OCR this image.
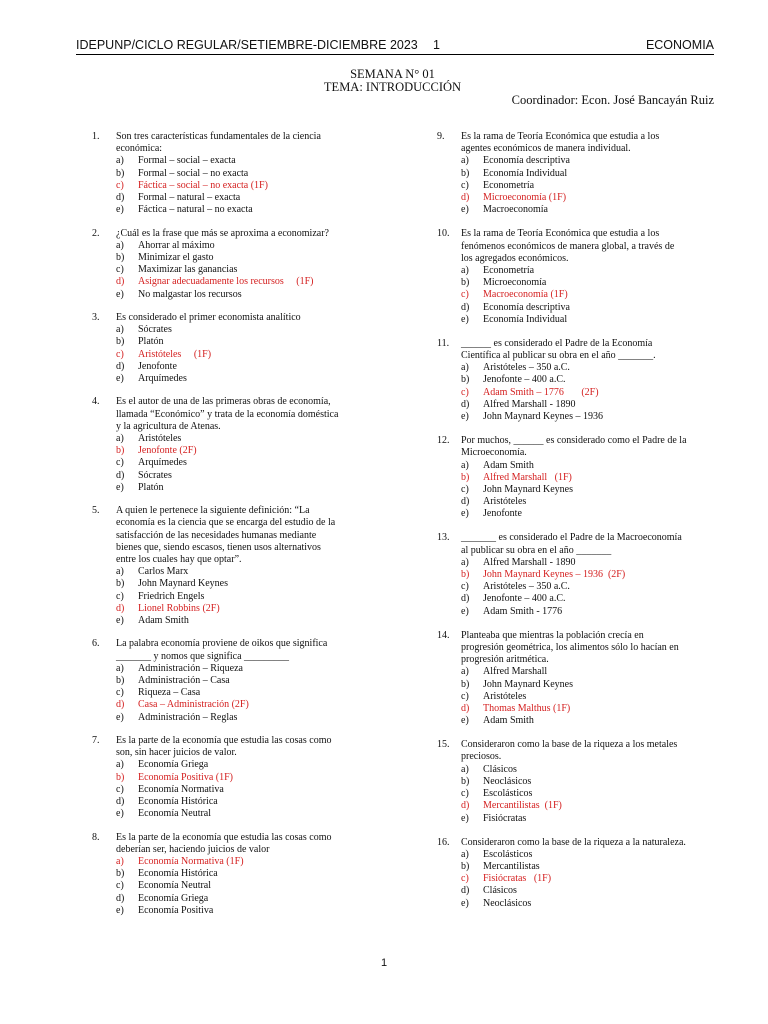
IDEPUNP/CICLO REGULAR/SETIEMBRE-DICIEMBRE 2023 1	ECONOMIA
SEMANA N° 01
TEMA: INTRODUCCIÓN
Coordinador: Econ. José Bancayán Ruiz
1. Son tres características fundamentales de la ciencia
económica:
a) Formal – social – exacta
b) Formal – social – no exacta
c) Fáctica – social – no exacta (1F)
d) Formal – natural – exacta
e) Fáctica – natural – no exacta
2. ¿Cuál es la frase que más se aproxima a economizar?
a) Ahorrar al máximo
b) Minimizar el gasto
c) Maximizar las ganancias
d) Asignar adecuadamente los recursos     (1F)
e) No malgastar los recursos
3. Es considerado el primer economista analítico
a) Sócrates
b) Platón
c) Aristóteles     (1F)
d) Jenofonte
e) Arquímedes
4. Es el autor de una de las primeras obras de economía,
llamada “Económico” y trata de la economía doméstica
y la agricultura de Atenas.
a) Aristóteles
b) Jenofonte (2F)
c) Arquímedes
d) Sócrates
e) Platón
5. A quien le pertenece la siguiente definición: “La
economía es la ciencia que se encarga del estudio de la
satisfacción de las necesidades humanas mediante
bienes que, siendo escasos, tienen usos alternativos
entre los cuales hay que optar”.
a) Carlos Marx
b) John Maynard Keynes
c) Friedrich Engels
d) Lionel Robbins (2F)
e) Adam Smith
6. La palabra economía proviene de oikos que significa
_______ y nomos que significa _________
a) Administración – Riqueza
b) Administración – Casa
c) Riqueza – Casa
d) Casa – Administración (2F)
e) Administración – Reglas
7. Es la parte de la economía que estudia las cosas como
son, sin hacer juicios de valor.
a) Economía Griega
b) Economía Positiva (1F)
c) Economía Normativa
d) Economía Histórica
e) Economía Neutral
8. Es la parte de la economía que estudia las cosas como
deberían ser, haciendo juicios de valor
a) Economía Normativa (1F)
b) Economía Histórica
c) Economía Neutral
d) Economía Griega
e) Economía Positiva
9. Es la rama de Teoría Económica que estudia a los
agentes económicos de manera individual.
a) Economía descriptiva
b) Economía Individual
c) Econometría
d) Microeconomía (1F)
e) Macroeconomía
10. Es la rama de Teoría Económica que estudia a los
fenómenos económicos de manera global, a través de
los agregados económicos.
a) Econometría
b) Microeconomía
c) Macroeconomía (1F)
d) Economía descriptiva
e) Economía Individual
11. ______ es considerado el Padre de la Economía
Científica al publicar su obra en el año _______.
a) Aristóteles – 350 a.C.
b) Jenofonte – 400 a.C.
c) Adam Smith – 1776       (2F)
d) Alfred Marshall - 1890
e) John Maynard Keynes – 1936
12. Por muchos, ______ es considerado como el Padre de la
Microeconomía.
a) Adam Smith
b) Alfred Marshall   (1F)
c) John Maynard Keynes
d) Aristóteles
e) Jenofonte
13. _______ es considerado el Padre de la Macroeconomía
al publicar su obra en el año _______
a) Alfred Marshall - 1890
b) John Maynard Keynes – 1936  (2F)
c) Aristóteles – 350 a.C.
d) Jenofonte – 400 a.C.
e) Adam Smith - 1776
14. Planteaba que mientras la población crecía en
progresión geométrica, los alimentos sólo lo hacían en
progresión aritmética.
a) Alfred Marshall
b) John Maynard Keynes
c) Aristóteles
d) Thomas Malthus (1F)
e) Adam Smith
15. Consideraron como la base de la riqueza a los metales
preciosos.
a) Clásicos
b) Neoclásicos
c) Escolásticos
d) Mercantilistas  (1F)
e) Fisiócratas
16. Consideraron como la base de la riqueza a la naturaleza.
a) Escolásticos
b) Mercantilistas
c) Fisiócratas   (1F)
d) Clásicos
e) Neoclásicos
1
